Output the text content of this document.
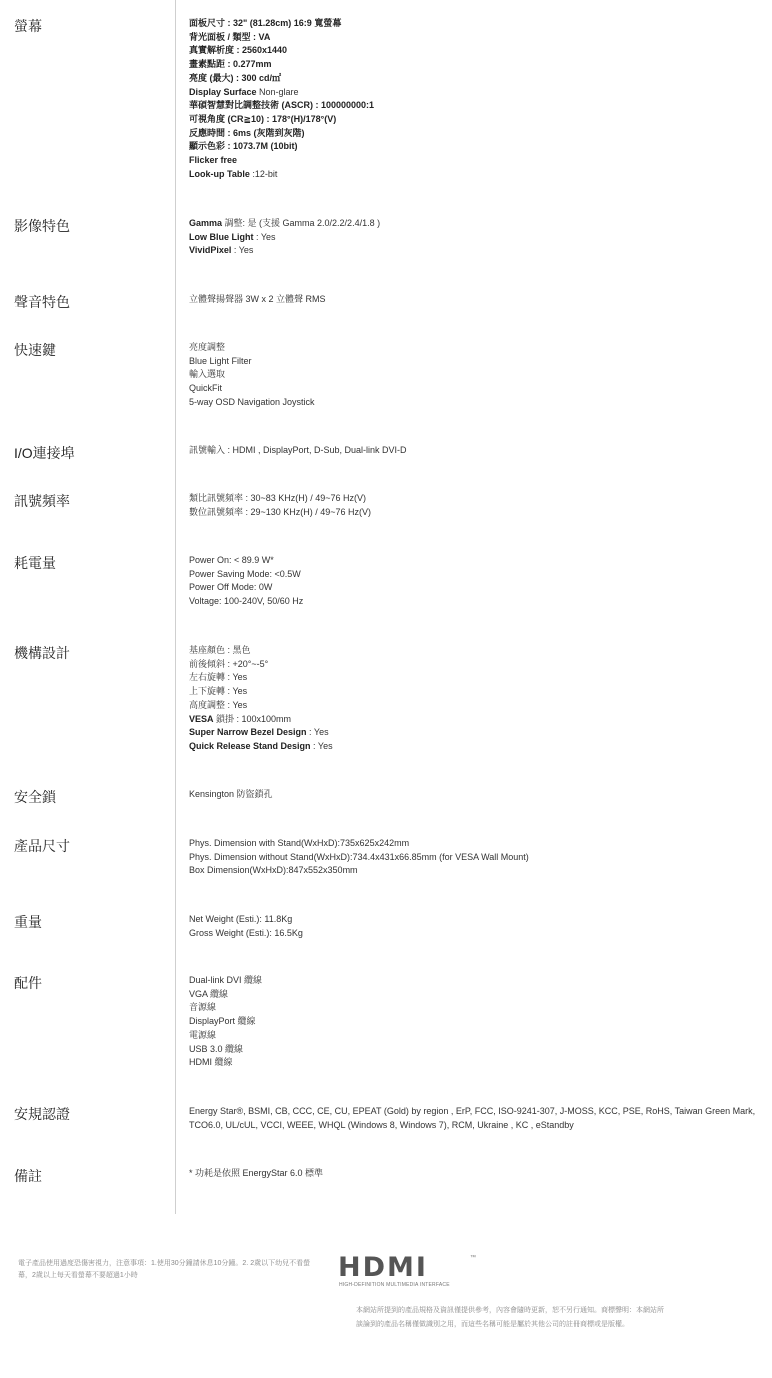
螢幕	面板尺寸 : 32" (81.28cm) 16:9 寬螢幕
背光面板 / 類型 : VA
真實解析度 : 2560x1440
畫素點距 : 0.277mm
亮度 (最大) : 300 cd/㎡
Display Surface Non-glare
華碩智慧對比調整技術 (ASCR) : 100000000:1
可視角度 (CR≧10) : 178°(H)/178°(V)
反應時間 : 6ms (灰階到灰階)
顯示色彩 : 1073.7M (10bit)
Flicker free
Look-up Table :12-bit
影像特色	Gamma 調整: 是 (支援 Gamma 2.0/2.2/2.4/1.8 )
Low Blue Light : Yes
VividPixel : Yes
聲音特色	立體聲揚聲器 3W x 2 立體聲 RMS
快速鍵	亮度調整
Blue Light Filter
輸入選取
QuickFit
5-way OSD Navigation Joystick
I/O連接埠	訊號輸入 : HDMI , DisplayPort, D-Sub, Dual-link DVI-D
訊號頻率	類比訊號頻率 : 30~83 KHz(H) / 49~76 Hz(V)
數位訊號頻率 : 29~130 KHz(H) / 49~76 Hz(V)
耗電量	Power On: < 89.9 W*
Power Saving Mode: <0.5W
Power Off Mode: 0W
Voltage: 100-240V, 50/60 Hz
機構設計	基座顏色 : 黑色
前後傾斜 : +20°~-5°
左右旋轉 : Yes
上下旋轉 : Yes
高度調整 : Yes
VESA 鎖掛 : 100x100mm
Super Narrow Bezel Design : Yes
Quick Release Stand Design : Yes
安全鎖	Kensington 防盜鎖孔
產品尺寸	Phys. Dimension with Stand(WxHxD):735x625x242mm
Phys. Dimension without Stand(WxHxD):734.4x431x66.85mm (for VESA Wall Mount)
Box Dimension(WxHxD):847x552x350mm
重量	Net Weight (Esti.): 11.8Kg
Gross Weight (Esti.): 16.5Kg
配件	Dual-link DVI 纜線
VGA 纜線
音源線
DisplayPort 纜線
電源線
USB 3.0 纜線
HDMI 纜線
安規認證	Energy Star®, BSMI, CB, CCC, CE, CU, EPEAT (Gold) by region , ErP, FCC, ISO-9241-307, J-MOSS, KCC, PSE, RoHS, Taiwan Green Mark, TCO6.0, UL/cUL, VCCI, WEEE, WHQL (Windows 8, Windows 7), RCM, Ukraine , KC , eStandby
備註	* 功耗是依照 EnergyStar 6.0 標準
電子產品使用過度恐傷害視力，注意事項：1.使用30分鐘請休息10分鐘。2. 2歲以下幼兒不看螢幕，2歲以上每天看螢幕不要超過1小時	HDMI	™
HIGH-DEFINITION MULTIMEDIA INTERFACE
本網站所提到的產品規格及資訊僅提供參考，內容會隨時更新，恕不另行通知。商標聲明：本網站所談論到的產品名稱僅做識別之用，而這些名稱可能是屬於其他公司的註冊商標或是版權。
